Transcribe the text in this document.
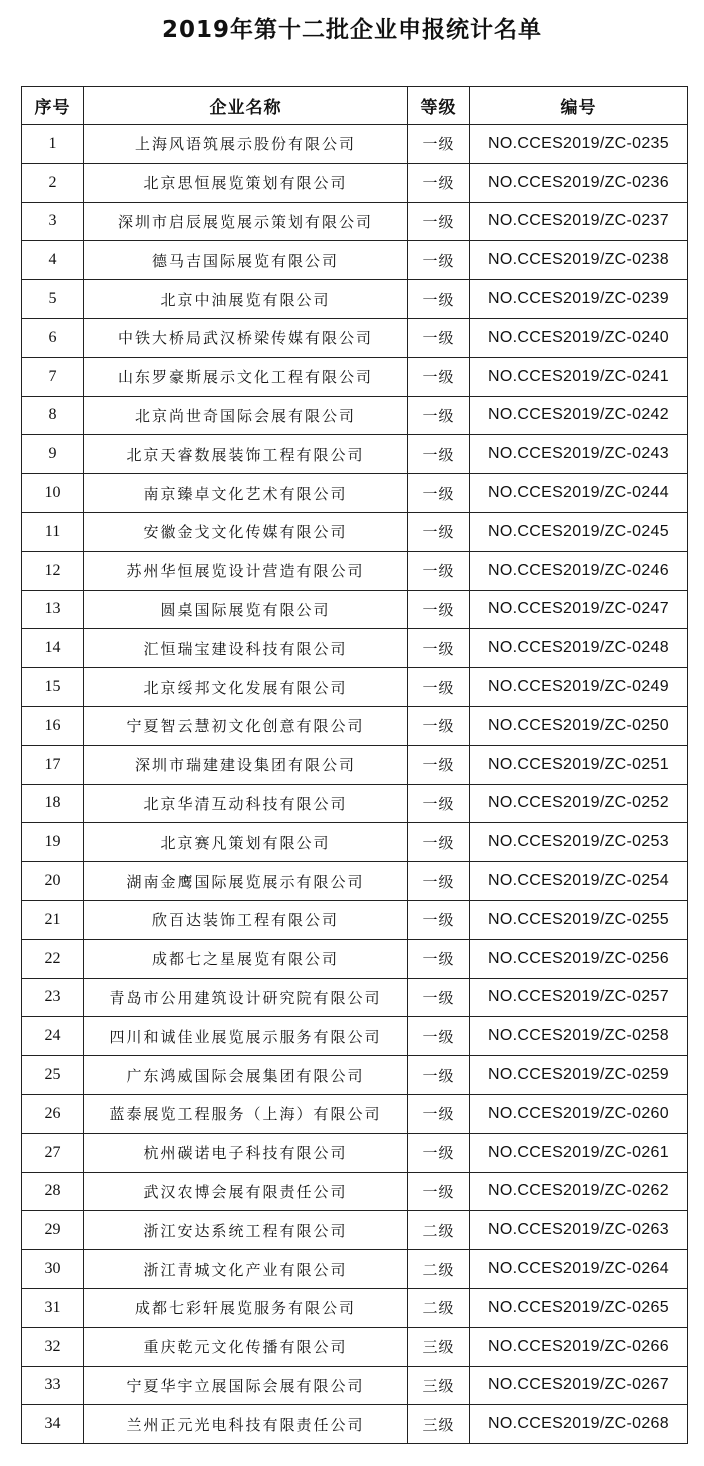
2019年第十二批企业申报统计名单
序号	企业名称	等级	编号
1	上海风语筑展示股份有限公司	一级	NO.CCES2019/ZC-0235
2	北京思恒展览策划有限公司	一级	NO.CCES2019/ZC-0236
3	深圳市启辰展览展示策划有限公司	一级	NO.CCES2019/ZC-0237
4	德马吉国际展览有限公司	一级	NO.CCES2019/ZC-0238
5	北京中油展览有限公司	一级	NO.CCES2019/ZC-0239
6	中铁大桥局武汉桥梁传媒有限公司	一级	NO.CCES2019/ZC-0240
7	山东罗豪斯展示文化工程有限公司	一级	NO.CCES2019/ZC-0241
8	北京尚世奇国际会展有限公司	一级	NO.CCES2019/ZC-0242
9	北京天睿数展装饰工程有限公司	一级	NO.CCES2019/ZC-0243
10	南京臻卓文化艺术有限公司	一级	NO.CCES2019/ZC-0244
11	安徽金戈文化传媒有限公司	一级	NO.CCES2019/ZC-0245
12	苏州华恒展览设计营造有限公司	一级	NO.CCES2019/ZC-0246
13	圆桌国际展览有限公司	一级	NO.CCES2019/ZC-0247
14	汇恒瑞宝建设科技有限公司	一级	NO.CCES2019/ZC-0248
15	北京绥邦文化发展有限公司	一级	NO.CCES2019/ZC-0249
16	宁夏智云慧初文化创意有限公司	一级	NO.CCES2019/ZC-0250
17	深圳市瑞建建设集团有限公司	一级	NO.CCES2019/ZC-0251
18	北京华清互动科技有限公司	一级	NO.CCES2019/ZC-0252
19	北京赛凡策划有限公司	一级	NO.CCES2019/ZC-0253
20	湖南金鹰国际展览展示有限公司	一级	NO.CCES2019/ZC-0254
21	欣百达装饰工程有限公司	一级	NO.CCES2019/ZC-0255
22	成都七之星展览有限公司	一级	NO.CCES2019/ZC-0256
23	青岛市公用建筑设计研究院有限公司	一级	NO.CCES2019/ZC-0257
24	四川和诚佳业展览展示服务有限公司	一级	NO.CCES2019/ZC-0258
25	广东鸿威国际会展集团有限公司	一级	NO.CCES2019/ZC-0259
26	蓝泰展览工程服务（上海）有限公司	一级	NO.CCES2019/ZC-0260
27	杭州碳诺电子科技有限公司	一级	NO.CCES2019/ZC-0261
28	武汉农博会展有限责任公司	一级	NO.CCES2019/ZC-0262
29	浙江安达系统工程有限公司	二级	NO.CCES2019/ZC-0263
30	浙江青城文化产业有限公司	二级	NO.CCES2019/ZC-0264
31	成都七彩轩展览服务有限公司	二级	NO.CCES2019/ZC-0265
32	重庆乾元文化传播有限公司	三级	NO.CCES2019/ZC-0266
33	宁夏华宇立展国际会展有限公司	三级	NO.CCES2019/ZC-0267
34	兰州正元光电科技有限责任公司	三级	NO.CCES2019/ZC-0268
